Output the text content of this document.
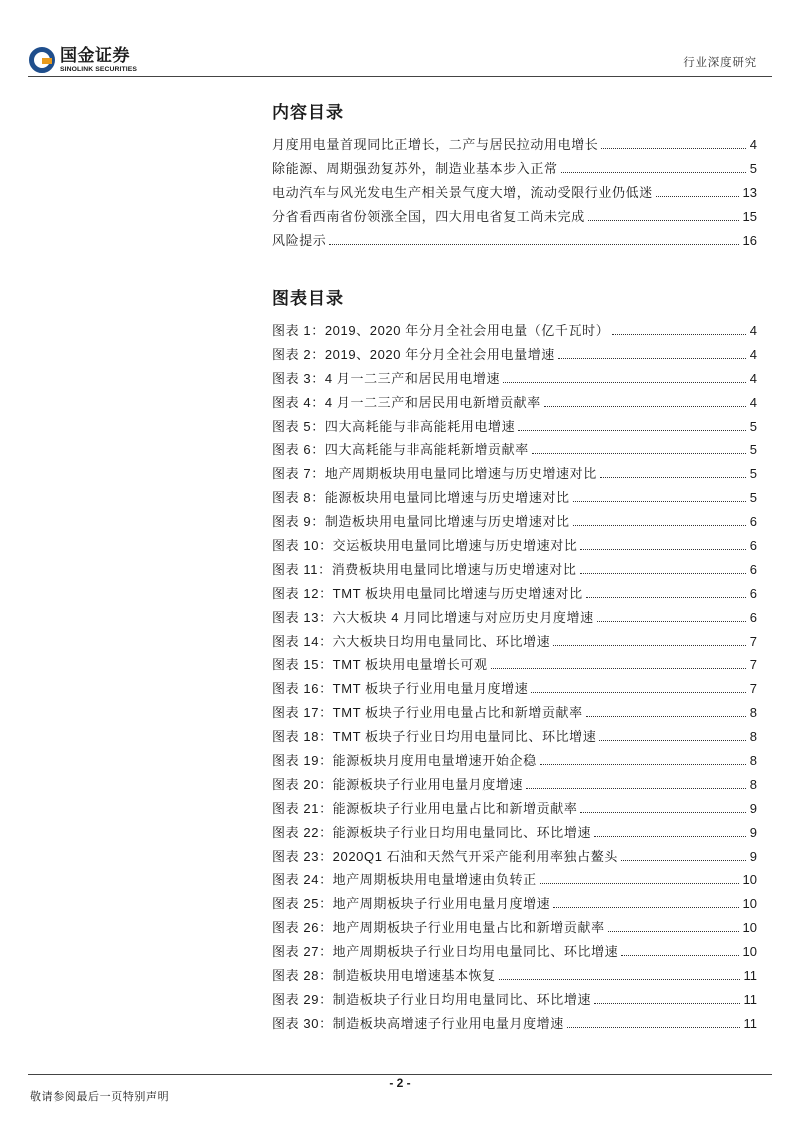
国金证券
SINOLINK SECURITIES
行业深度研究
内容目录
月度用电量首现同比正增长，二产与居民拉动用电增长	4
除能源、周期强劲复苏外，制造业基本步入正常	5
电动汽车与风光发电生产相关景气度大增，流动受限行业仍低迷	13
分省看西南省份领涨全国，四大用电省复工尚未完成	15
风险提示	16
图表目录
图表 1：2019、2020 年分月全社会用电量（亿千瓦时）	4
图表 2：2019、2020 年分月全社会用电量增速	4
图表 3：4 月一二三产和居民用电增速	4
图表 4：4 月一二三产和居民用电新增贡献率	4
图表 5：四大高耗能与非高能耗用电增速	5
图表 6：四大高耗能与非高能耗新增贡献率	5
图表 7：地产周期板块用电量同比增速与历史增速对比	5
图表 8：能源板块用电量同比增速与历史增速对比	5
图表 9：制造板块用电量同比增速与历史增速对比	6
图表 10：交运板块用电量同比增速与历史增速对比	6
图表 11：消费板块用电量同比增速与历史增速对比	6
图表 12：TMT 板块用电量同比增速与历史增速对比	6
图表 13：六大板块 4 月同比增速与对应历史月度增速	6
图表 14：六大板块日均用电量同比、环比增速	7
图表 15：TMT 板块用电量增长可观	7
图表 16：TMT 板块子行业用电量月度增速	7
图表 17：TMT 板块子行业用电量占比和新增贡献率	8
图表 18：TMT 板块子行业日均用电量同比、环比增速	8
图表 19：能源板块月度用电量增速开始企稳	8
图表 20：能源板块子行业用电量月度增速	8
图表 21：能源板块子行业用电量占比和新增贡献率	9
图表 22：能源板块子行业日均用电量同比、环比增速	9
图表 23：2020Q1 石油和天然气开采产能利用率独占鳌头	9
图表 24：地产周期板块用电量增速由负转正	10
图表 25：地产周期板块子行业用电量月度增速	10
图表 26：地产周期板块子行业用电量占比和新增贡献率	10
图表 27：地产周期板块子行业日均用电量同比、环比增速	10
图表 28：制造板块用电增速基本恢复	11
图表 29：制造板块子行业日均用电量同比、环比增速	11
图表 30：制造板块高增速子行业用电量月度增速	11
- 2 -
敬请参阅最后一页特别声明
